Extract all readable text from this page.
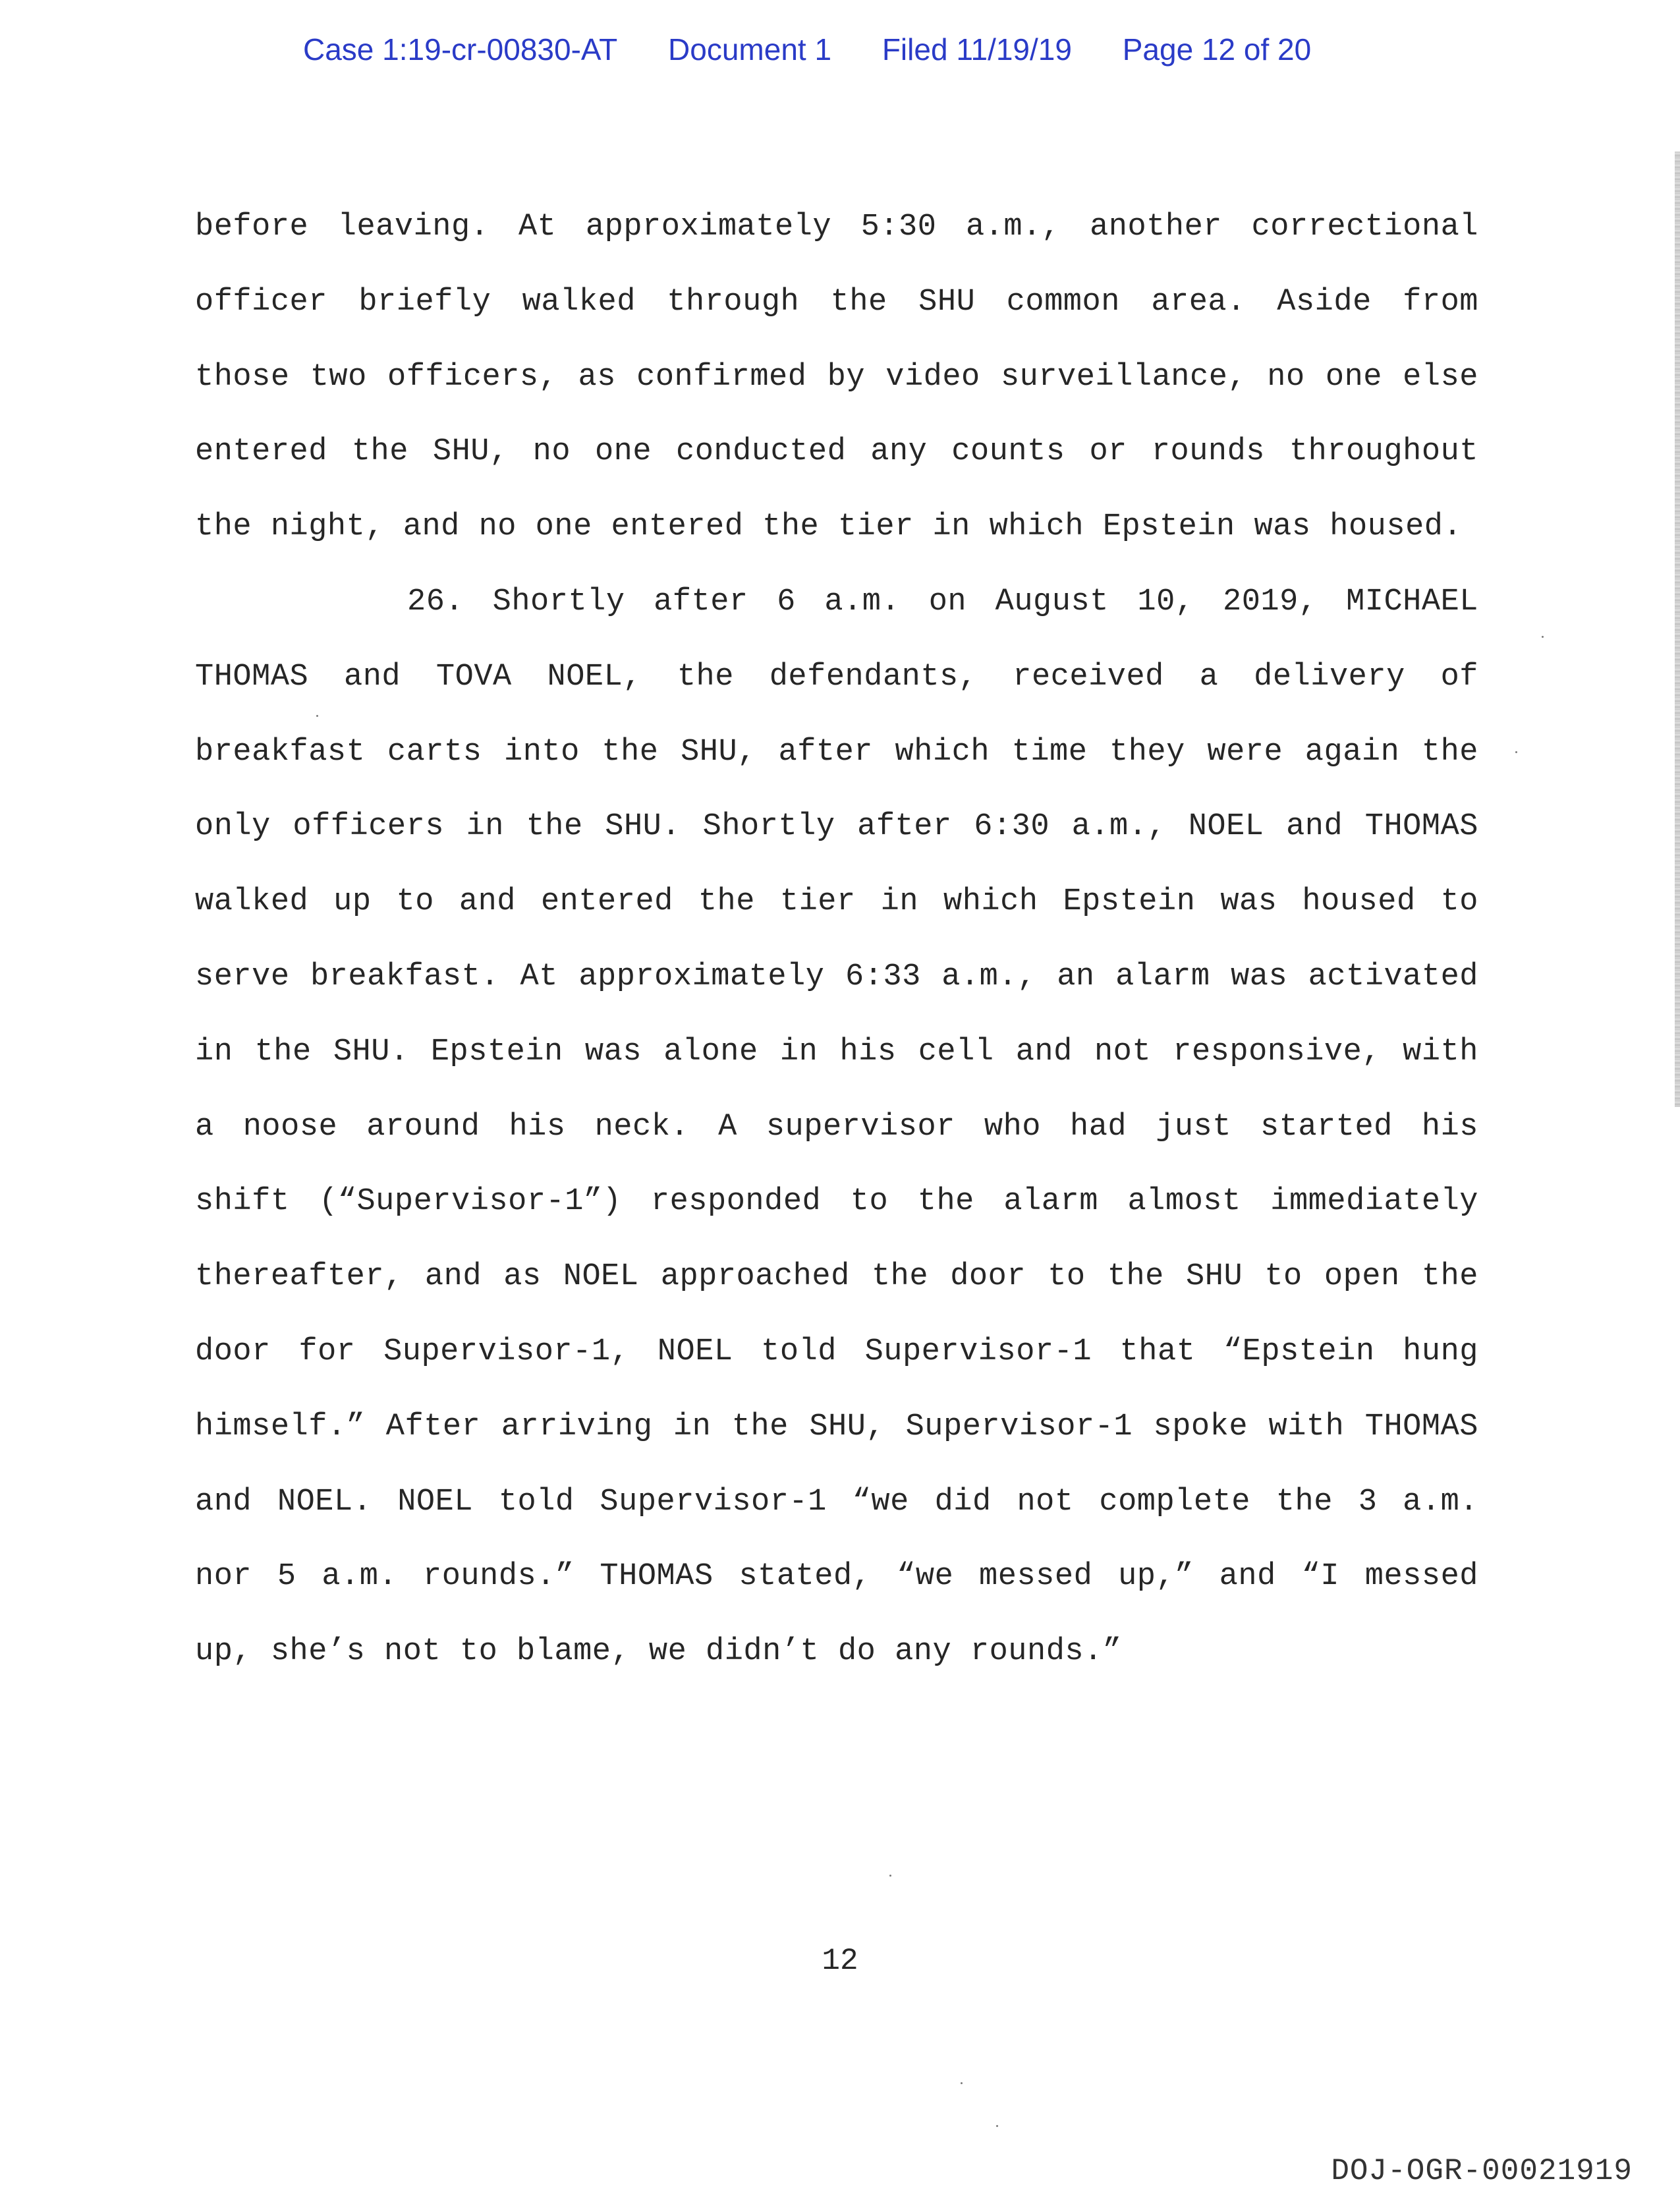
Case 1:19-cr-00830-AT Document 1 Filed 11/19/19 Page 12 of 20

before leaving. At approximately 5:30 a.m., another correctional officer briefly walked through the SHU common area. Aside from those two officers, as confirmed by video surveillance, no one else entered the SHU, no one conducted any counts or rounds throughout the night, and no one entered the tier in which Epstein was housed.

26. Shortly after 6 a.m. on August 10, 2019, MICHAEL THOMAS and TOVA NOEL, the defendants, received a delivery of breakfast carts into the SHU, after which time they were again the only officers in the SHU. Shortly after 6:30 a.m., NOEL and THOMAS walked up to and entered the tier in which Epstein was housed to serve breakfast. At approximately 6:33 a.m., an alarm was activated in the SHU. Epstein was alone in his cell and not responsive, with a noose around his neck. A supervisor who had just started his shift (“Supervisor-1”) responded to the alarm almost immediately thereafter, and as NOEL approached the door to the SHU to open the door for Supervisor-1, NOEL told Supervisor-1 that “Epstein hung himself.” After arriving in the SHU, Supervisor-1 spoke with THOMAS and NOEL. NOEL told Supervisor-1 “we did not complete the 3 a.m. nor 5 a.m. rounds.” THOMAS stated, “we messed up,” and “I messed up, she’s not to blame, we didn’t do any rounds.”

12
DOJ-OGR-00021919
